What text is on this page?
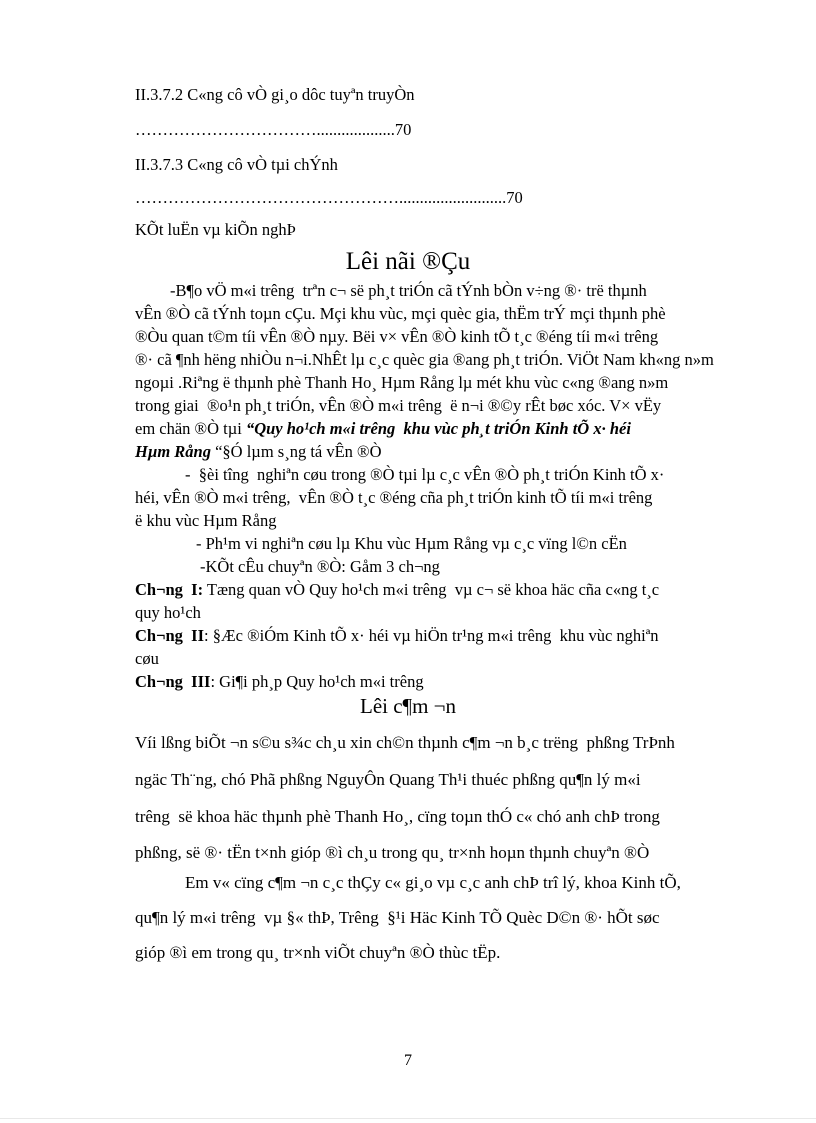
II.3.7.2 C«ng cô vÒ gi¸o dôc tuyªn truyÒn
……………………………...................70
II.3.7.3 C«ng cô vÒ tµi chÝnh
…………………………………………..........................70
KÕt luËn vµ kiÕn nghÞ
Lêi nãi ®Çu
-B¶o vÖ m«i trêng  trªn c¬ së ph¸t triÓn cã tÝnh bÒn v÷ng ®· trë thµnh
vÊn ®Ò cã tÝnh toµn cÇu. Mçi khu vùc, mçi quèc gia, thËm trÝ mçi thµnh phè
®Òu quan t©m tíi vÊn ®Ò nµy. Bëi v× vÊn ®Ò kinh tÕ t¸c ®éng tíi m«i trêng
®· cã ¶nh hëng nhiÒu n¬i.NhÊt lµ c¸c quèc gia ®ang ph¸t triÓn. ViÖt Nam kh«ng n»m
ngoµi .Riªng ë thµnh phè Thanh Ho¸ Hµm Rång lµ mét khu vùc c«ng ®ang n»m
trong giai  ®o¹n ph¸t triÓn, vÊn ®Ò m«i trêng  ë n¬i ®©y rÊt bøc xóc. V× vËy
em chän ®Ò tµi “Quy ho¹ch m«i trêng  khu vùc ph¸t triÓn Kinh tÕ x· héi
Hµm Rång “§Ó lµm s¸ng tá vÊn ®Ò
-  §èi tîng  nghiªn cøu trong ®Ò tµi lµ c¸c vÊn ®Ò ph¸t triÓn Kinh tÕ x·
héi, vÊn ®Ò m«i trêng,  vÊn ®Ò t¸c ®éng cña ph¸t triÓn kinh tÕ tíi m«i trêng
ë khu vùc Hµm Rång
- Ph¹m vi nghiªn cøu lµ Khu vùc Hµm Rång vµ c¸c vïng l©n cËn
-KÕt cÊu chuyªn ®Ò: Gåm 3 ch¬ng
Ch¬ng  I: Tæng quan vÒ Quy ho¹ch m«i trêng  vµ c¬ së khoa häc cña c«ng t¸c
quy ho¹ch
Ch¬ng  II: §Æc ®iÓm Kinh tÕ x· héi vµ hiÖn tr¹ng m«i trêng  khu vùc nghiªn
cøu
Ch¬ng  III: Gi¶i ph¸p Quy ho¹ch m«i trêng
Lêi c¶m ¬n
Víi lßng biÕt ¬n s©u s¾c ch¸u xin ch©n thµnh c¶m ¬n b¸c trëng  phßng TrÞnh
ngäc Th¨ng, chó Phã phßng NguyÔn Quang Th¹i thuéc phßng qu¶n lý m«i
trêng  së khoa häc thµnh phè Thanh Ho¸, cïng toµn thÓ c« chó anh chÞ trong
phßng, së ®· tËn t×nh gióp ®ì ch¸u trong qu¸ tr×nh hoµn thµnh chuyªn ®Ò
Em v« cïng c¶m ¬n c¸c thÇy c« gi¸o vµ c¸c anh chÞ trî lý, khoa Kinh tÕ,
qu¶n lý m«i trêng  vµ §« thÞ, Trêng  §¹i Häc Kinh TÕ Quèc D©n ®· hÕt søc
gióp ®ì em trong qu¸ tr×nh viÕt chuyªn ®Ò thùc tËp.
7
